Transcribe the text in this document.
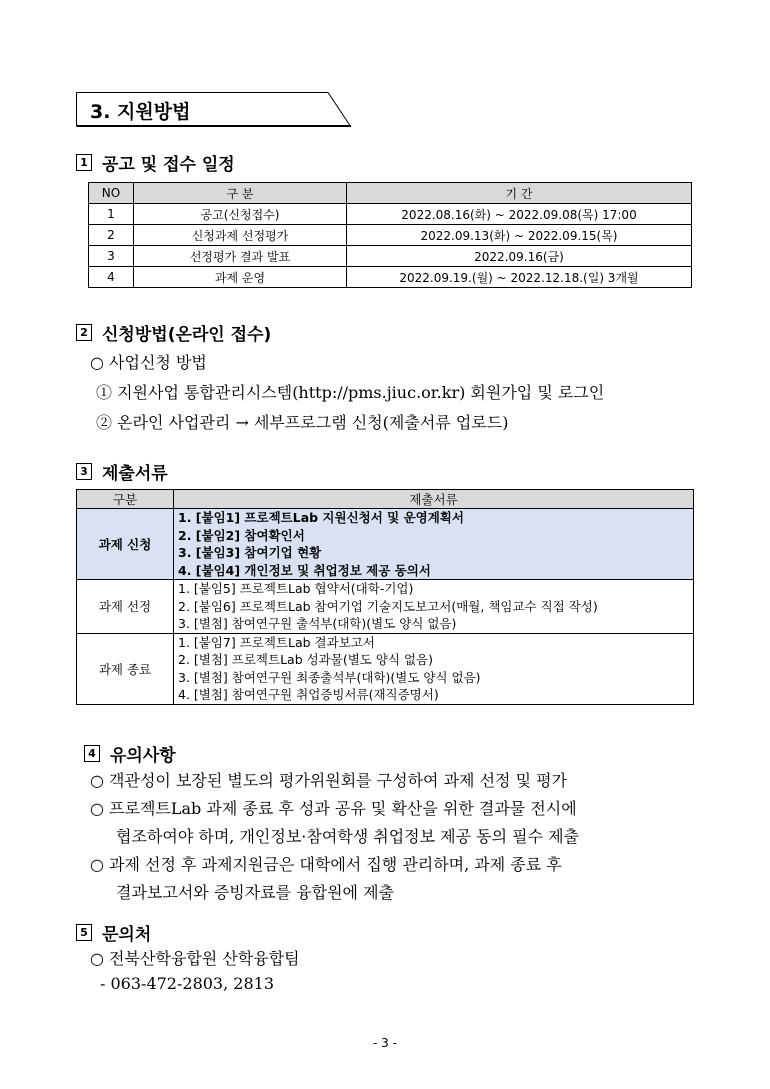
3. 지원방법
1 공고 및 접수 일정
NO	구 분	기 간
1	공고(신청접수)	2022.08.16(화) ~ 2022.09.08(목) 17:00
2	신청과제 선정평가	2022.09.13(화) ~ 2022.09.15(목)
3	선정평가 결과 발표	2022.09.16(금)
4	과제 운영	2022.09.19.(월) ~ 2022.12.18.(일) 3개월
2 신청방법(온라인 접수)
○ 사업신청 방법
① 지원사업 통합관리시스템(http://pms.jiuc.or.kr) 회원가입 및 로그인
② 온라인 사업관리 → 세부프로그램 신청(제출서류 업로드)
3 제출서류
구분	제출서류
과제 신청	1. [붙임1] 프로젝트Lab 지원신청서 및 운영계획서
2. [붙임2] 참여확인서
3. [붙임3] 참여기업 현황
4. [붙임4] 개인정보 및 취업정보 제공 동의서

과제 선정	1. [붙임5] 프로젝트Lab 협약서(대학-기업)
2. [붙임6] 프로젝트Lab 참여기업 기술지도보고서(매월, 책임교수 직접 작성)
3. [별첨] 참여연구원 출석부(대학)(별도 양식 없음)

과제 종료	1. [붙임7] 프로젝트Lab 결과보고서
2. [별첨] 프로젝트Lab 성과물(별도 양식 없음)
3. [별첨] 참여연구원 최종출석부(대학)(별도 양식 없음)
4. [별첨] 참여연구원 취업증빙서류(재직증명서)
4 유의사항
○ 객관성이 보장된 별도의 평가위원회를 구성하여 과제 선정 및 평가
○ 프로젝트Lab 과제 종료 후 성과 공유 및 확산을 위한 결과물 전시에
협조하여야 하며, 개인정보·참여학생 취업정보 제공 동의 필수 제출
○ 과제 선정 후 과제지원금은 대학에서 집행 관리하며, 과제 종료 후
결과보고서와 증빙자료를 융합원에 제출
5 문의처
○ 전북산학융합원 산학융합팀
- 063-472-2803, 2813
- 3 -
